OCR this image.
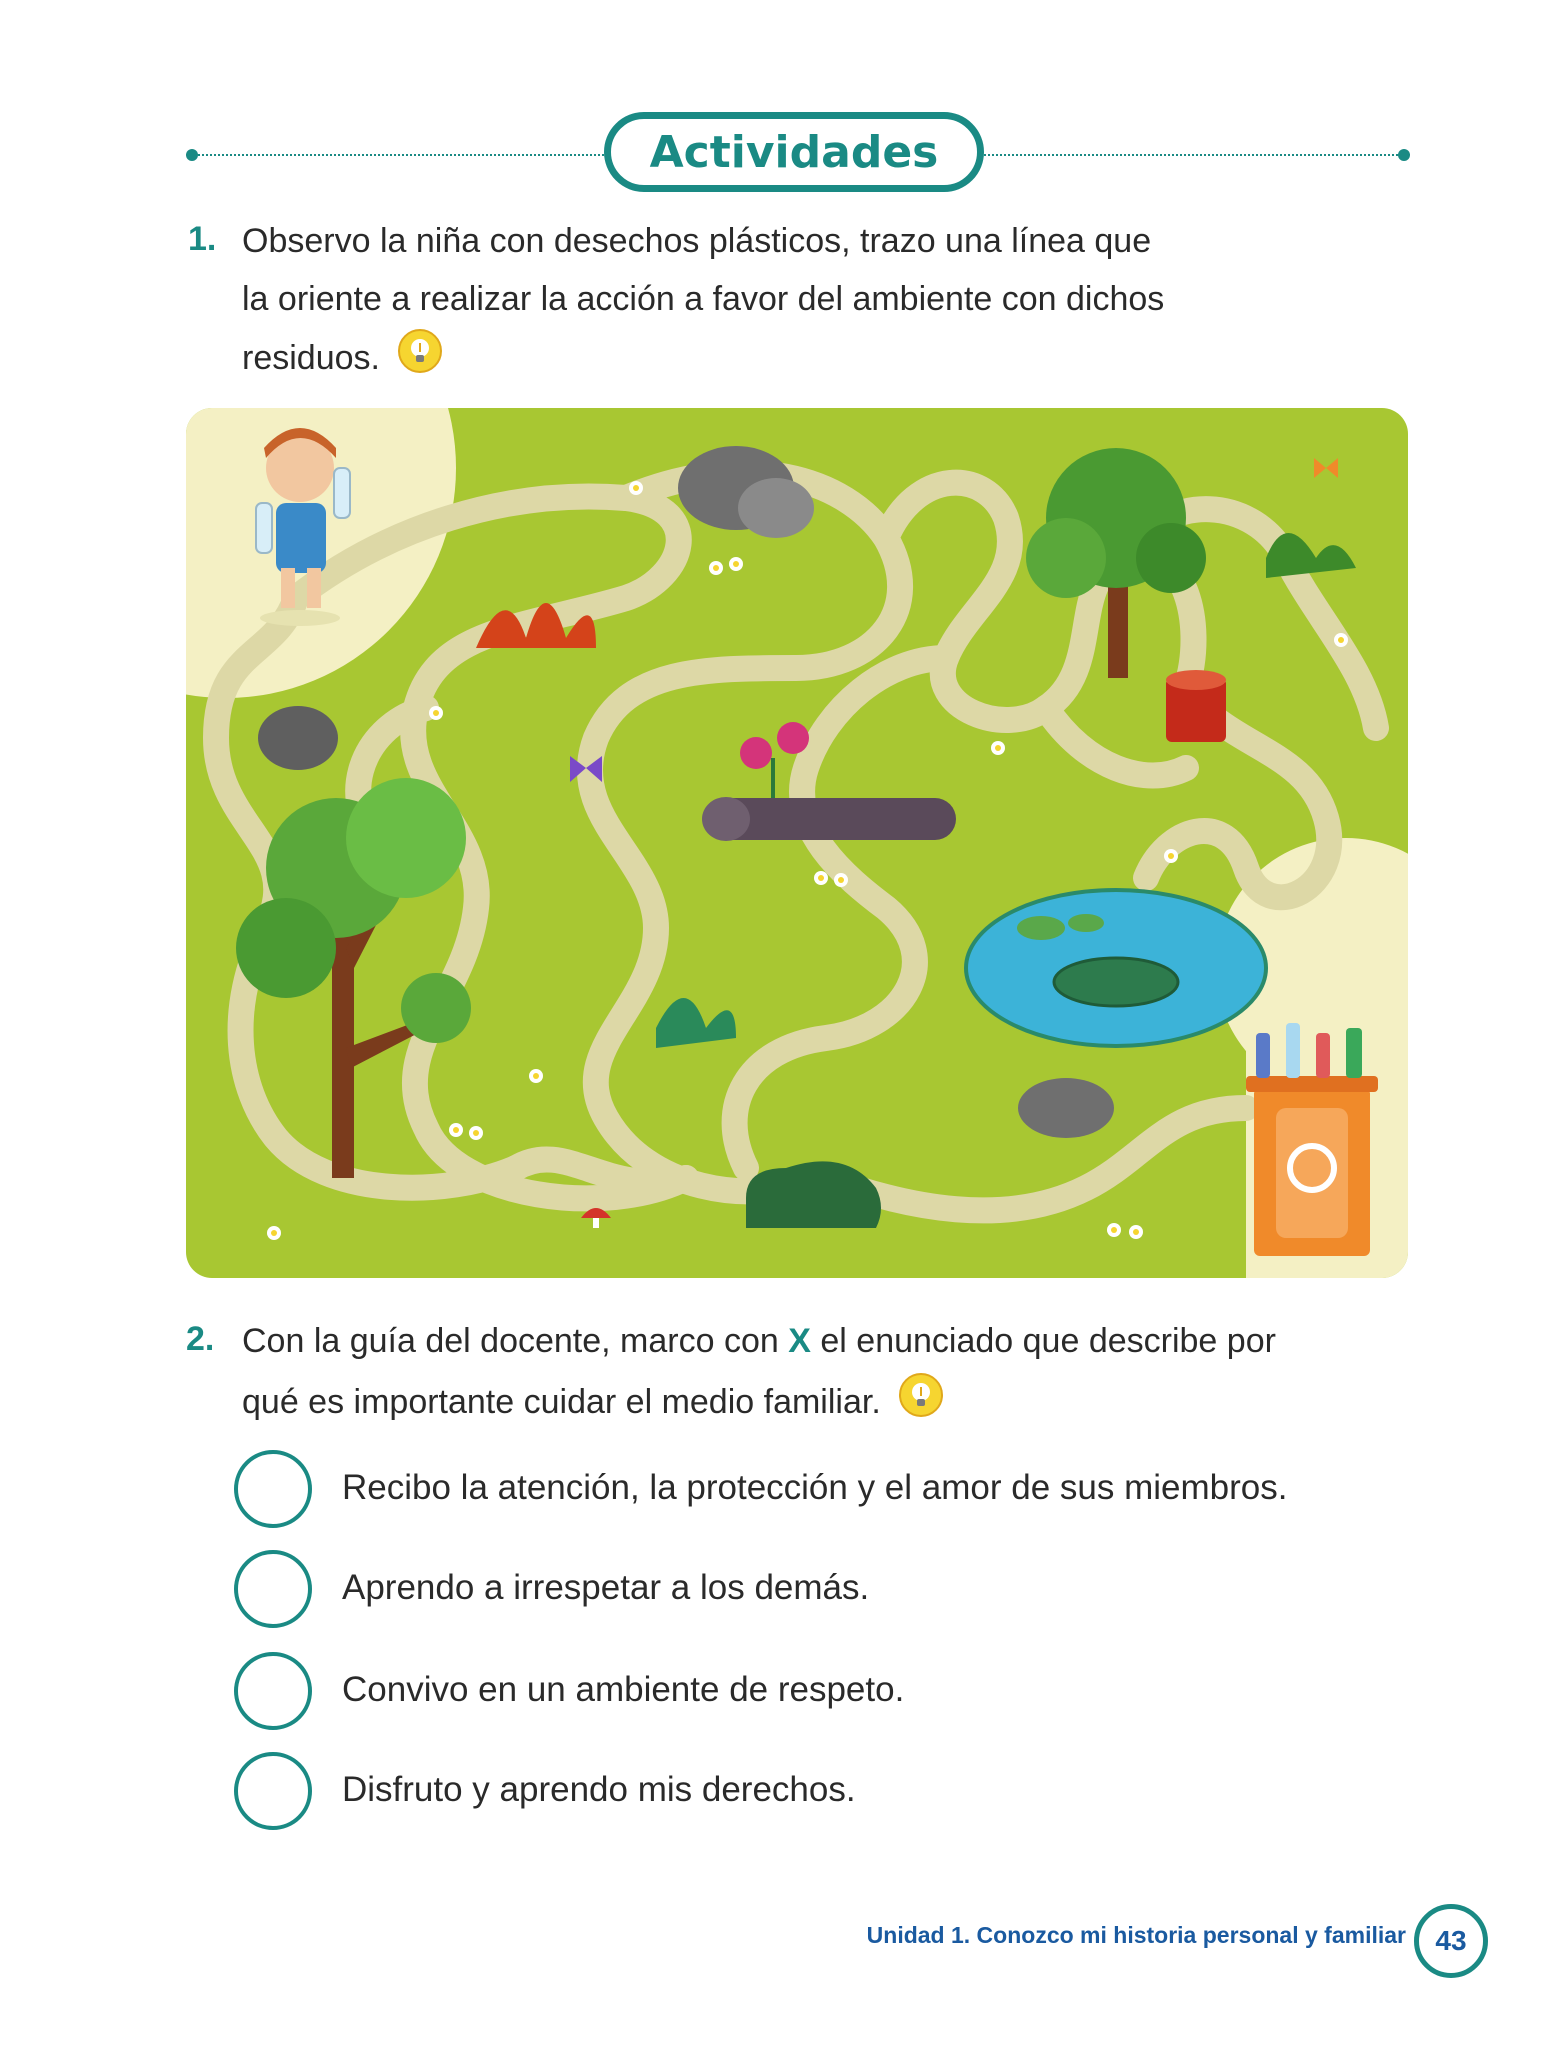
Actividades
1. Observo la niña con desechos plásticos, trazo una línea que
la oriente a realizar la acción a favor del ambiente con dichos
residuos.
2. Con la guía del docente, marco con X el enunciado que describe por
qué es importante cuidar el medio familiar.
Recibo la atención, la protección y el amor de sus miembros.
Aprendo a irrespetar a los demás.
Convivo en un ambiente de respeto.
Disfruto y aprendo mis derechos.
Unidad 1. Conozco mi historia personal y familiar 43
